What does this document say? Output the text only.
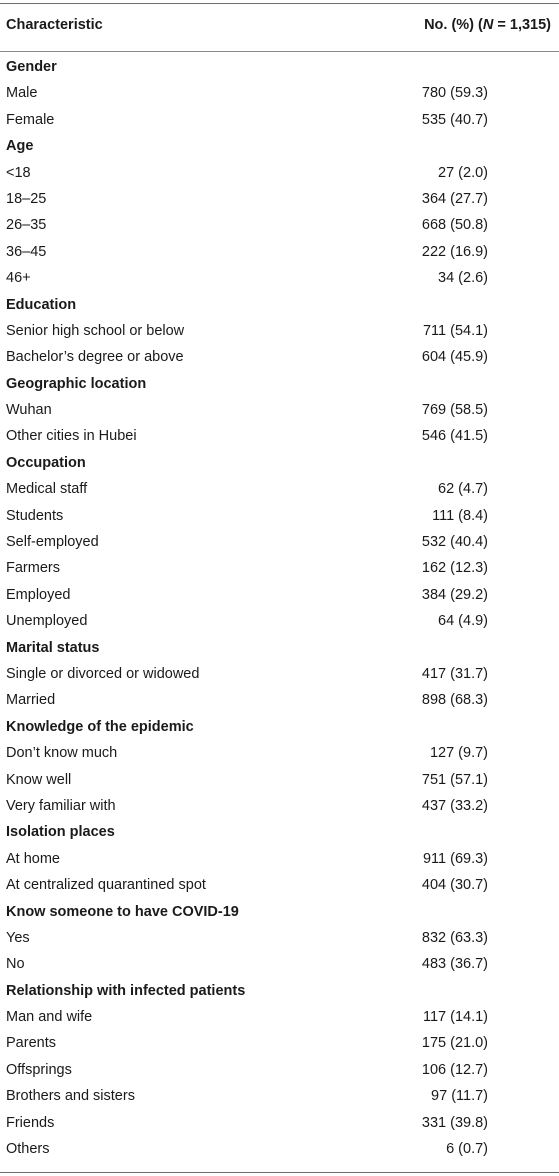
Characteristic	No. (%) (N = 1,315)
Gender
Male	780 (59.3)
Female	535 (40.7)
Age
<18	27 (2.0)
18–25	364 (27.7)
26–35	668 (50.8)
36–45	222 (16.9)
46+	34 (2.6)
Education
Senior high school or below	711 (54.1)
Bachelor’s degree or above	604 (45.9)
Geographic location
Wuhan	769 (58.5)
Other cities in Hubei	546 (41.5)
Occupation
Medical staff	62 (4.7)
Students	111 (8.4)
Self-employed	532 (40.4)
Farmers	162 (12.3)
Employed	384 (29.2)
Unemployed	64 (4.9)
Marital status
Single or divorced or widowed	417 (31.7)
Married	898 (68.3)
Knowledge of the epidemic
Don’t know much	127 (9.7)
Know well	751 (57.1)
Very familiar with	437 (33.2)
Isolation places
At home	911 (69.3)
At centralized quarantined spot	404 (30.7)
Know someone to have COVID-19
Yes	832 (63.3)
No	483 (36.7)
Relationship with infected patients
Man and wife	117 (14.1)
Parents	175 (21.0)
Offsprings	106 (12.7)
Brothers and sisters	97 (11.7)
Friends	331 (39.8)
Others	6 (0.7)
